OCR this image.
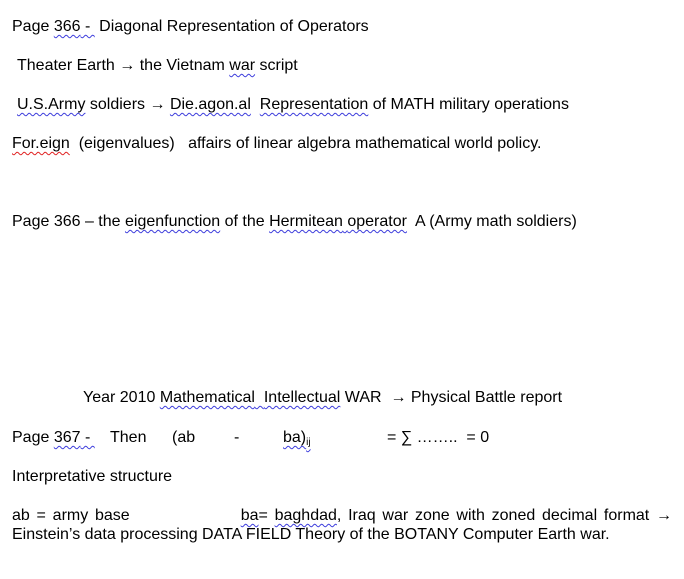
Page 366 -  Diagonal Representation of Operators
Theater Earth → the Vietnam war script
U.S.Army soldiers → Die.agon.al Representation of MATH military operations
For.eign  (eigenvalues)   affairs of linear algebra mathematical world policy.
Page 366 – the eigenfunction of the Hermitean operator  A (Army math soldiers)
Year 2010 Mathematical Intellectual WAR  → Physical Battle report
Page 367 - Then (ab -	$ba)_{ij}$	= ∑ ……..  = 0
Interpretative structure
ab = army base	ba= baghdad, Iraq war zone with zoned decimal format → Einstein’s data processing DATA FIELD Theory of the BOTANY Computer Earth war.
